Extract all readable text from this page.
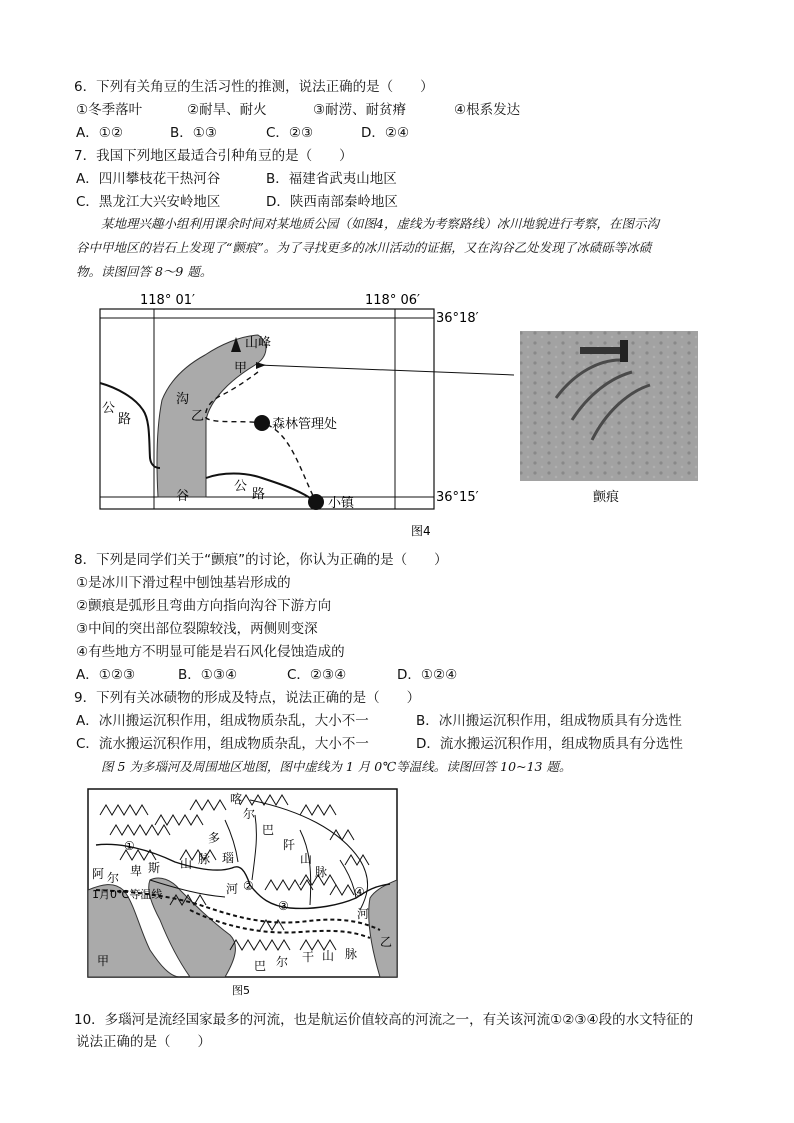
6．下列有关角豆的生活习性的推测，说法正确的是（　　）
①冬季落叶	②耐旱、耐火	③耐涝、耐贫瘠	④根系发达
A．①②	B．①③	C．②③	D．②④
7．我国下列地区最适合引种角豆的是（　　）
A．四川攀枝花干热河谷	B．福建省武夷山地区
C．黑龙江大兴安岭地区	D．陕西南部秦岭地区
某地理兴趣小组利用课余时间对某地质公园（如图4，虚线为考察路线）冰川地貌进行考察，在图示沟
谷中甲地区的岩石上发现了“颤痕”。为了寻找更多的冰川活动的证据，又在沟谷乙处发现了冰碛砾等冰碛
物。读图回答 8～9 题。
山峰
甲
沟
乙
谷
公
路
公
路
森林管理处
小镇
118° 01′	118° 06′
36°18′
36°15′
图4
颤痕
8．下列是同学们关于“颤痕”的讨论，你认为正确的是（　　）
①是冰川下滑过程中刨蚀基岩形成的
②颤痕是弧形且弯曲方向指向沟谷下游方向
③中间的突出部位裂隙较浅，两侧则变深
④有些地方不明显可能是岩石风化侵蚀造成的
A．①②③	B．①③④	C．②③④	D．①②④
9．下列有关冰碛物的形成及特点，说法正确的是（　　）
A．冰川搬运沉积作用，组成物质杂乱，大小不一	B．冰川搬运沉积作用，组成物质具有分选性
C．流水搬运沉积作用，组成物质杂乱，大小不一	D．流水搬运沉积作用，组成物质具有分选性
图 5 为多瑙河及周围地区地图，图中虚线为 1 月 0℃等温线。读图回答 10~13 题。
喀
尔
巴
阡
山
脉
多
瑙
河
河
阿 尔 卑 斯 山 脉
巴 尔 干 山 脉
①
②
③
④
1月0℃等温线
甲
乙
图5
10．多瑙河是流经国家最多的河流，也是航运价值较高的河流之一，有关该河流①②③④段的水文特征的
说法正确的是（　　）
